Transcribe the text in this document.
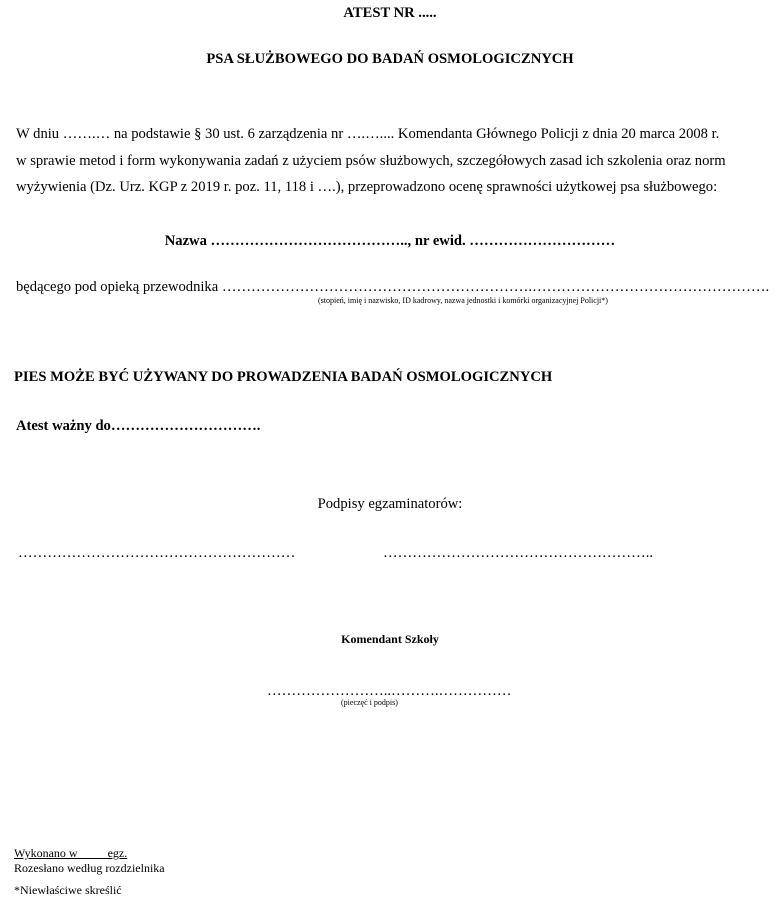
ATEST NR .....
PSA SŁUŻBOWEGO DO BADAŃ OSMOLOGICZNYCH
W dniu …….… na podstawie § 30 ust. 6 zarządzenia nr ….….... Komendanta Głównego Policji z dnia 20 marca 2008 r.
w sprawie metod i form wykonywania zadań z użyciem psów służbowych, szczegółowych zasad ich szkolenia oraz norm
wyżywienia (Dz. Urz. KGP z 2019 r. poz. 11, 118 i ….), przeprowadzono ocenę sprawności użytkowej psa służbowego:
Nazwa ………………………………….., nr ewid. …………………………
będącego pod opieką przewodnika ……………………………………………………….………………………………………….
(stopień, imię i nazwisko, ID kadrowy, nazwa jednostki i komórki organizacyjnej Policji*)
PIES MOŻE BYĆ UŻYWANY DO PROWADZENIA BADAŃ OSMOLOGICZNYCH
Atest ważny do………………………….
Podpisy egzaminatorów:
…………………………………………………	………………………………………………..
Komendant Szkoły
……………………..……….……………
(pieczęć i podpis)
Wykonano w          egz.
Rozesłano według rozdzielnika
*Niewłaściwe skreślić
